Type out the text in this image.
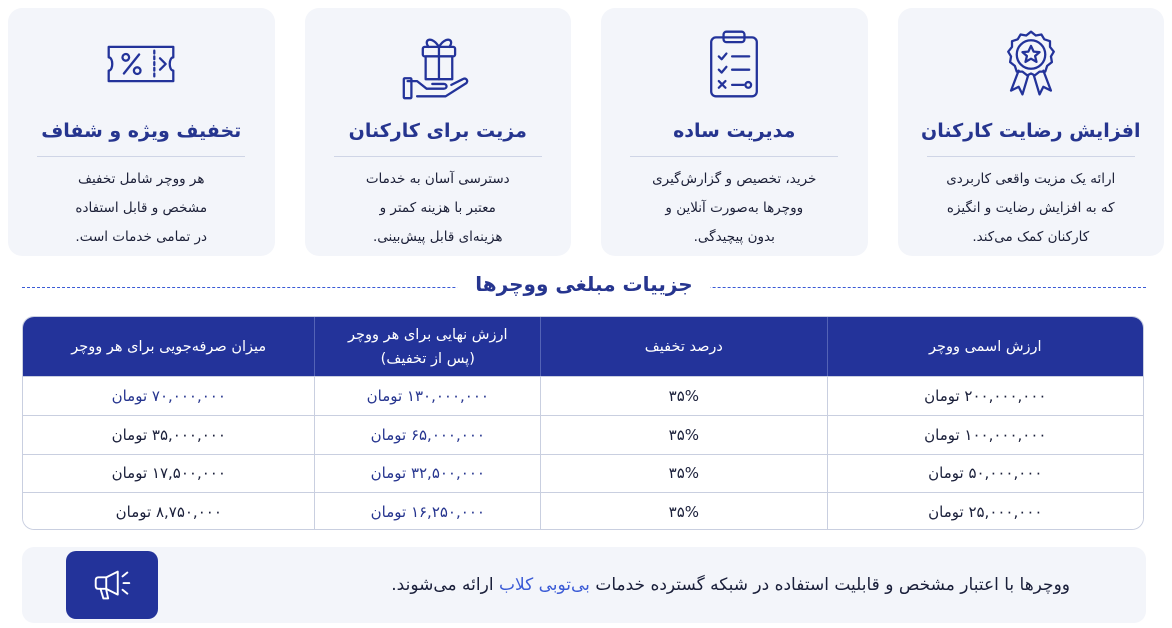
افزایش رضایت کارکنان
ارائه یک مزیت واقعی کاربردی
که به افزایش رضایت و انگیزه
کارکنان کمک می‌کند.
مدیریت ساده
خرید، تخصیص و گزارش‌گیری
ووچرها به‌صورت آنلاین و
بدون پیچیدگی.
مزیت برای کارکنان
دسترسی آسان به خدمات
معتبر با هزینه کمتر و
هزینه‌ای قابل پیش‌بینی.
تخفیف ویژه و شفاف
هر ووچر شامل تخفیف
مشخص و قابل استفاده
در تمامی خدمات است.
جزییات مبلغی ووچرها
ارزش اسمی ووچر
درصد تخفیف
ارزش نهایی برای هر ووچر
(پس از تخفیف)
میزان صرفه‌جویی برای هر ووچر
۲۰۰,۰۰۰,۰۰۰ تومان
۳۵%
۱۳۰,۰۰۰,۰۰۰ تومان
۷۰,۰۰۰,۰۰۰ تومان
۱۰۰,۰۰۰,۰۰۰ تومان
۳۵%
۶۵,۰۰۰,۰۰۰ تومان
۳۵,۰۰۰,۰۰۰ تومان
۵۰,۰۰۰,۰۰۰ تومان
۳۵%
۳۲,۵۰۰,۰۰۰ تومان
۱۷,۵۰۰,۰۰۰ تومان
۲۵,۰۰۰,۰۰۰ تومان
۳۵%
۱۶,۲۵۰,۰۰۰ تومان
۸,۷۵۰,۰۰۰ تومان
ووچرها با اعتبار مشخص و قابلیت استفاده در شبکه گسترده خدمات بی‌توبی کلاب ارائه می‌شوند.
